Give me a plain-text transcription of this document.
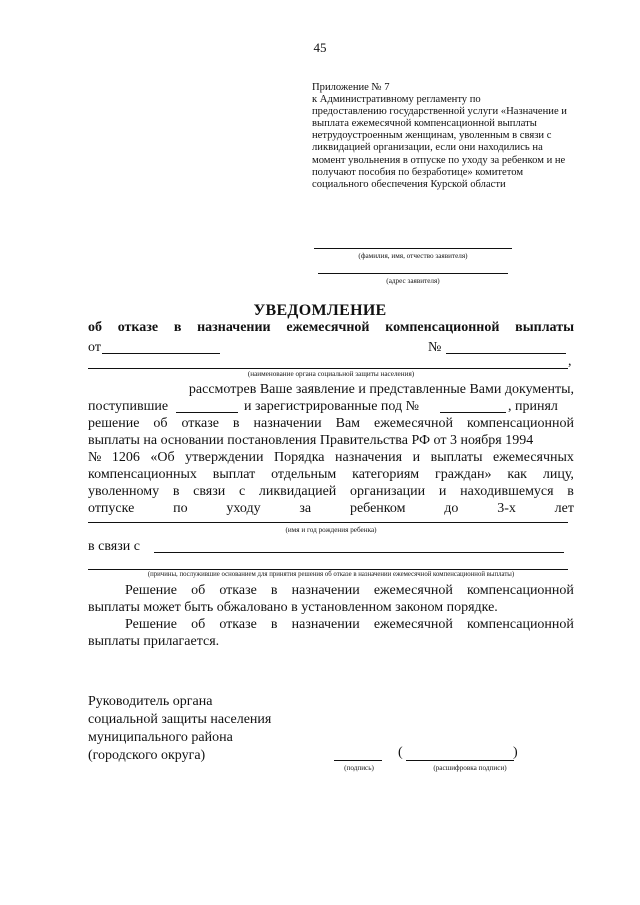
45
Приложение № 7
к Административному регламенту по
предоставлению государственной услуги «Назначение и
выплата ежемесячной компенсационной выплаты
нетрудоустроенным женщинам, уволенным в связи с
ликвидацией организации, если они находились на
момент увольнения в отпуске по уходу за ребенком и не
получают пособия по безработице» комитетом
социального обеспечения Курской области
(фамилия, имя, отчество заявителя)
(адрес заявителя)
УВЕДОМЛЕНИЕ
об отказе в назначении ежемесячной компенсационной выплаты
от	№
,
(наименование органа социальной защиты населения)
рассмотрев Ваше заявление и представленные Вами документы,
поступившие	и зарегистрированные под №	, принял
решение об отказе в назначении Вам ежемесячной компенсационной
выплаты на основании постановления Правительства РФ от 3 ноября 1994
№ 1206 «Об утверждении Порядка назначения и выплаты ежемесячных
компенсационных выплат отдельным категориям граждан» как лицу,
уволенному в связи с ликвидацией организации и находившемуся в
отпуске	по	уходу	за	ребенком	до	3-х	лет
(имя и год рождения ребенка)
в связи с
(причины, послужившие основанием для принятия решения об отказе в назначении ежемесячной компенсационной выплаты)
Решение об отказе в назначении ежемесячной компенсационной
выплаты может быть обжаловано в установленном законом порядке.
Решение об отказе в назначении ежемесячной компенсационной
выплаты прилагается.
Руководитель органа
социальной защиты населения
муниципального района
(городского округа)
(подпись)
(	)
(расшифровка подписи)
